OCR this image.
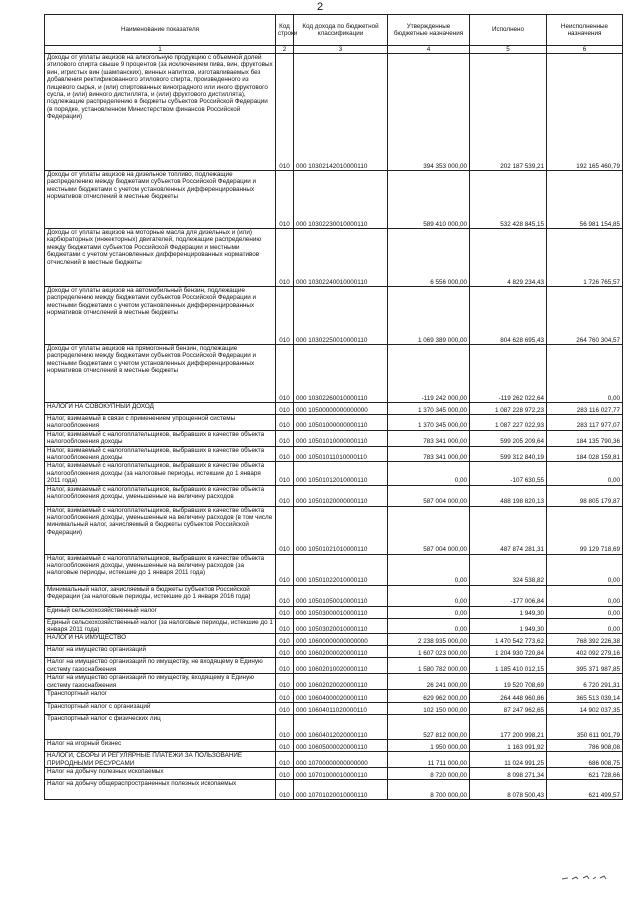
2
Наименование показателя	Код строки	Код дохода по бюджетной классификации	Утвержденные бюджетные назначения	Исполнено	Неисполненные назначения
1	2	3	4	5	6
Доходы от уплаты акцизов на алкогольную продукцию с объемной долей этилового спирта свыше 9 процентов (за исключением пива, вин, фруктовых вин, игристых вин (шампанских), винных напитков, изготавливаемых без добавления ректификованного этилового спирта, произведенного из пищевого сырья, и (или) спиртованных виноградного или иного фруктового сусла, и (или) винного дистиллята, и (или) фруктового дистиллята), подлежащие распределению в бюджеты субъектов Российской Федерации (в порядке, установленном Министерством финансов Российской Федерации)	010	000 10302142010000110	394 353 000,00	202 187 539,21	192 165 460,79
Доходы от уплаты акцизов на дизельное топливо, подлежащие распределению между бюджетами субъектов Российской Федерации и местными бюджетами с учетом установленных дифференцированных нормативов отчислений в местные бюджеты	010	000 10302230010000110	589 410 000,00	532 428 845,15	56 981 154,85
Доходы от уплаты акцизов на моторные масла для дизельных и (или) карбюраторных (инжекторных) двигателей, подлежащие распределению между бюджетами субъектов Российской Федерации и местными бюджетами с учетом установленных дифференцированных нормативов отчислений в местные бюджеты	010	000 10302240010000110	6 556 000,00	4 829 234,43	1 726 765,57
Доходы от уплаты акцизов на автомобильный бензин, подлежащие распределению между бюджетами субъектов Российской Федерации и местными бюджетами с учетом установленных дифференцированных нормативов отчислений в местные бюджеты	010	000 10302250010000110	1 069 389 000,00	804 628 695,43	264 760 304,57
Доходы от уплаты акцизов на прямогонный бензин, подлежащие распределению между бюджетами субъектов Российской Федерации и местными бюджетами с учетом установленных дифференцированных нормативов отчислений в местные бюджеты	010	000 10302260010000110	-119 242 000,00	-119 262 022,64	0,00
НАЛОГИ НА СОВОКУПНЫЙ ДОХОД	010	000 10500000000000000	1 370 345 000,00	1 087 228 972,23	283 116 027,77
Налог, взимаемый в связи с применением упрощенной системы налогообложения	010	000 10501000000000110	1 370 345 000,00	1 087 227 022,93	283 117 977,07
Налог, взимаемый с налогоплательщиков, выбравших в качестве объекта налогообложения доходы	010	000 10501010000000110	783 341 000,00	599 205 209,64	184 135 790,36
Налог, взимаемый с налогоплательщиков, выбравших в качестве объекта налогообложения доходы	010	000 10501011010000110	783 341 000,00	599 312 840,19	184 028 159,81
Налог, взимаемый с налогоплательщиков, выбравших в качестве объекта налогообложения доходы (за налоговые периоды, истекшие до 1 января 2011 года)	010	000 10501012010000110	0,00	-107 630,55	0,00
Налог, взимаемый с налогоплательщиков, выбравших в качестве объекта налогообложения доходы, уменьшенные на величину расходов	010	000 10501020000000110	587 004 000,00	488 198 820,13	98 805 179,87
Налог, взимаемый с налогоплательщиков, выбравших в качестве объекта налогообложения доходы, уменьшенные на величину расходов (в том числе минимальный налог, зачисляемый в бюджеты субъектов Российской Федерации)	010	000 10501021010000110	587 004 000,00	487 874 281,31	99 129 718,69
Налог, взимаемый с налогоплательщиков, выбравших в качестве объекта налогообложения доходы, уменьшенные на величину расходов (за налоговые периоды, истекшие до 1 января 2011 года)	010	000 10501022010000110	0,00	324 538,82	0,00
Минимальный налог, зачисляемый в бюджеты субъектов Российской Федерации (за налоговые периоды, истекшие до 1 января 2016 года)	010	000 10501050010000110	0,00	-177 006,84	0,00
Единый сельскохозяйственный налог	010	000 10503000010000110	0,00	1 949,30	0,00
Единый сельскохозяйственный налог (за налоговые периоды, истекшие до 1 января 2011 года)	010	000 10503020010000110	0,00	1 949,30	0,00
НАЛОГИ НА ИМУЩЕСТВО	010	000 10600000000000000	2 238 935 000,00	1 470 542 773,62	768 392 226,38
Налог на имущество организаций	010	000 10602000020000110	1 607 023 000,00	1 204 930 720,84	402 092 279,16
Налог на имущество организаций по имуществу, не входящему в Единую систему газоснабжения	010	000 10602010020000110	1 580 782 000,00	1 185 410 012,15	395 371 987,85
Налог на имущество организаций по имуществу, входящему в Единую систему газоснабжения	010	000 10602020020000110	26 241 000,00	19 520 708,69	6 720 291,31
Транспортный налог	010	000 10604000020000110	629 962 000,00	264 448 960,86	365 513 039,14
Транспортный налог с организаций	010	000 10604011020000110	102 150 000,00	87 247 962,65	14 902 037,35
Транспортный налог с физических лиц	010	000 10604012020000110	527 812 000,00	177 200 998,21	350 611 001,79
Налог на игорный бизнес	010	000 10605000020000110	1 950 000,00	1 163 091,92	786 908,08
НАЛОГИ, СБОРЫ И РЕГУЛЯРНЫЕ ПЛАТЕЖИ ЗА ПОЛЬЗОВАНИЕ ПРИРОДНЫМИ РЕСУРСАМИ	010	000 10700000000000000	11 711 000,00	11 024 991,25	686 008,75
Налог на добычу полезных ископаемых	010	000 10701000010000110	8 720 000,00	8 098 271,34	621 728,66
Налог на добычу общераспространенных полезных ископаемых	010	000 10701020010000110	8 700 000,00	8 078 500,43	621 499,57
